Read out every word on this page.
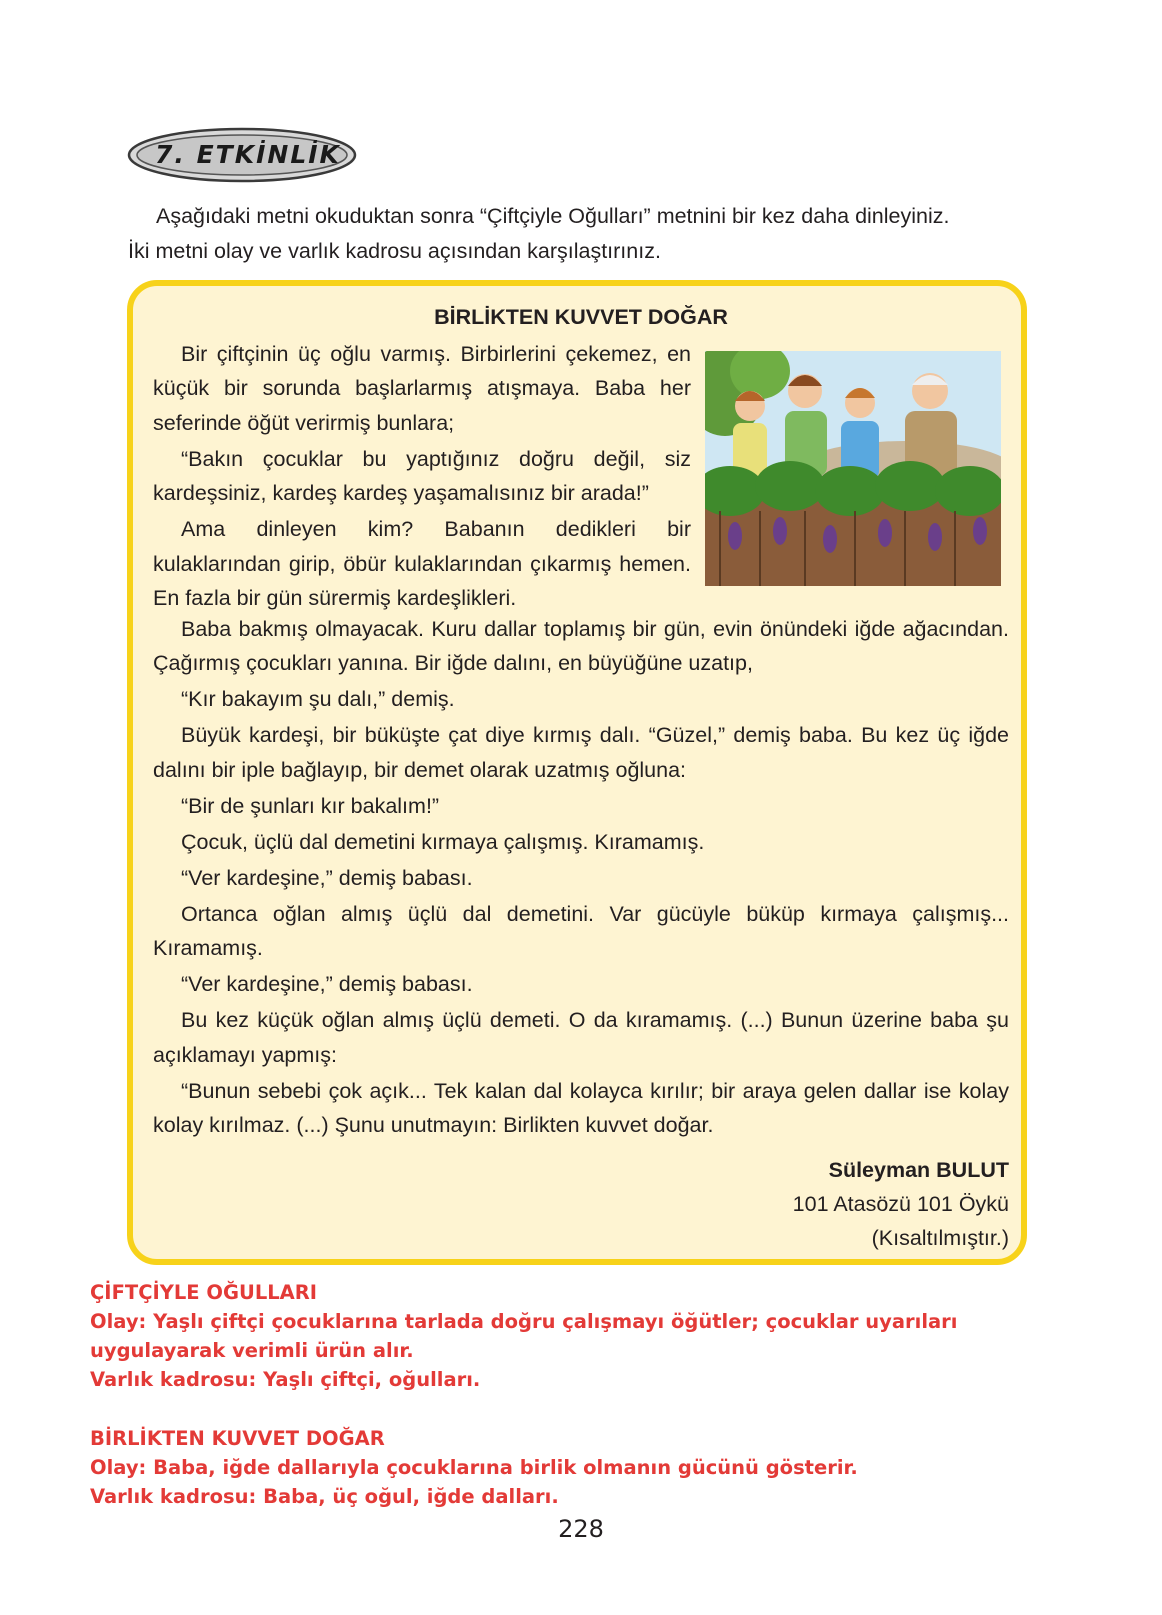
7. ETKİNLİK

Aşağıdaki metni okuduktan sonra “Çiftçiyle Oğulları” metnini bir kez daha dinleyiniz.

İki metni olay ve varlık kadrosu açısından karşılaştırınız.

BİRLİKTEN KUVVET DOĞAR

Bir çiftçinin üç oğlu varmış. Birbirlerini çekemez, en küçük bir sorunda başlarlarmış atışmaya. Baba her seferinde öğüt verirmiş bunlara;

“Bakın çocuklar bu yaptığınız doğru değil, siz kardeşsiniz, kardeş kardeş yaşamalısınız bir arada!”

Ama dinleyen kim? Babanın dedikleri bir kulaklarından girip, öbür kulaklarından çıkarmış hemen. En fazla bir gün sürermiş kardeşlikleri.

Baba bakmış olmayacak. Kuru dallar toplamış bir gün, evin önündeki iğde ağacından. Çağırmış çocukları yanına. Bir iğde dalını, en büyüğüne uzatıp,

“Kır bakayım şu dalı,” demiş.

Büyük kardeşi, bir büküşte çat diye kırmış dalı. “Güzel,” demiş baba. Bu kez üç iğde dalını bir iple bağlayıp, bir demet olarak uzatmış oğluna:

“Bir de şunları kır bakalım!”

Çocuk, üçlü dal demetini kırmaya çalışmış. Kıramamış.

“Ver kardeşine,” demiş babası.

Ortanca oğlan almış üçlü dal demetini. Var gücüyle büküp kırmaya çalışmış... Kıramamış.

“Ver kardeşine,” demiş babası.

Bu kez küçük oğlan almış üçlü demeti. O da kıramamış. (...) Bunun üzerine baba şu açıklamayı yapmış:

“Bunun sebebi çok açık... Tek kalan dal kolayca kırılır; bir araya gelen dallar ise kolay kolay kırılmaz. (...) Şunu unutmayın: Birlikten kuvvet doğar.

Süleyman BULUT
101 Atasözü 101 Öykü
(Kısaltılmıştır.)

ÇİFTÇİYLE OĞULLARI

Olay: Yaşlı çiftçi çocuklarına tarlada doğru çalışmayı öğütler; çocuklar uyarıları uygulayarak verimli ürün alır.

Varlık kadrosu: Yaşlı çiftçi, oğulları.

BİRLİKTEN KUVVET DOĞAR

Olay: Baba, iğde dallarıyla çocuklarına birlik olmanın gücünü gösterir.

Varlık kadrosu: Baba, üç oğul, iğde dalları.

228
